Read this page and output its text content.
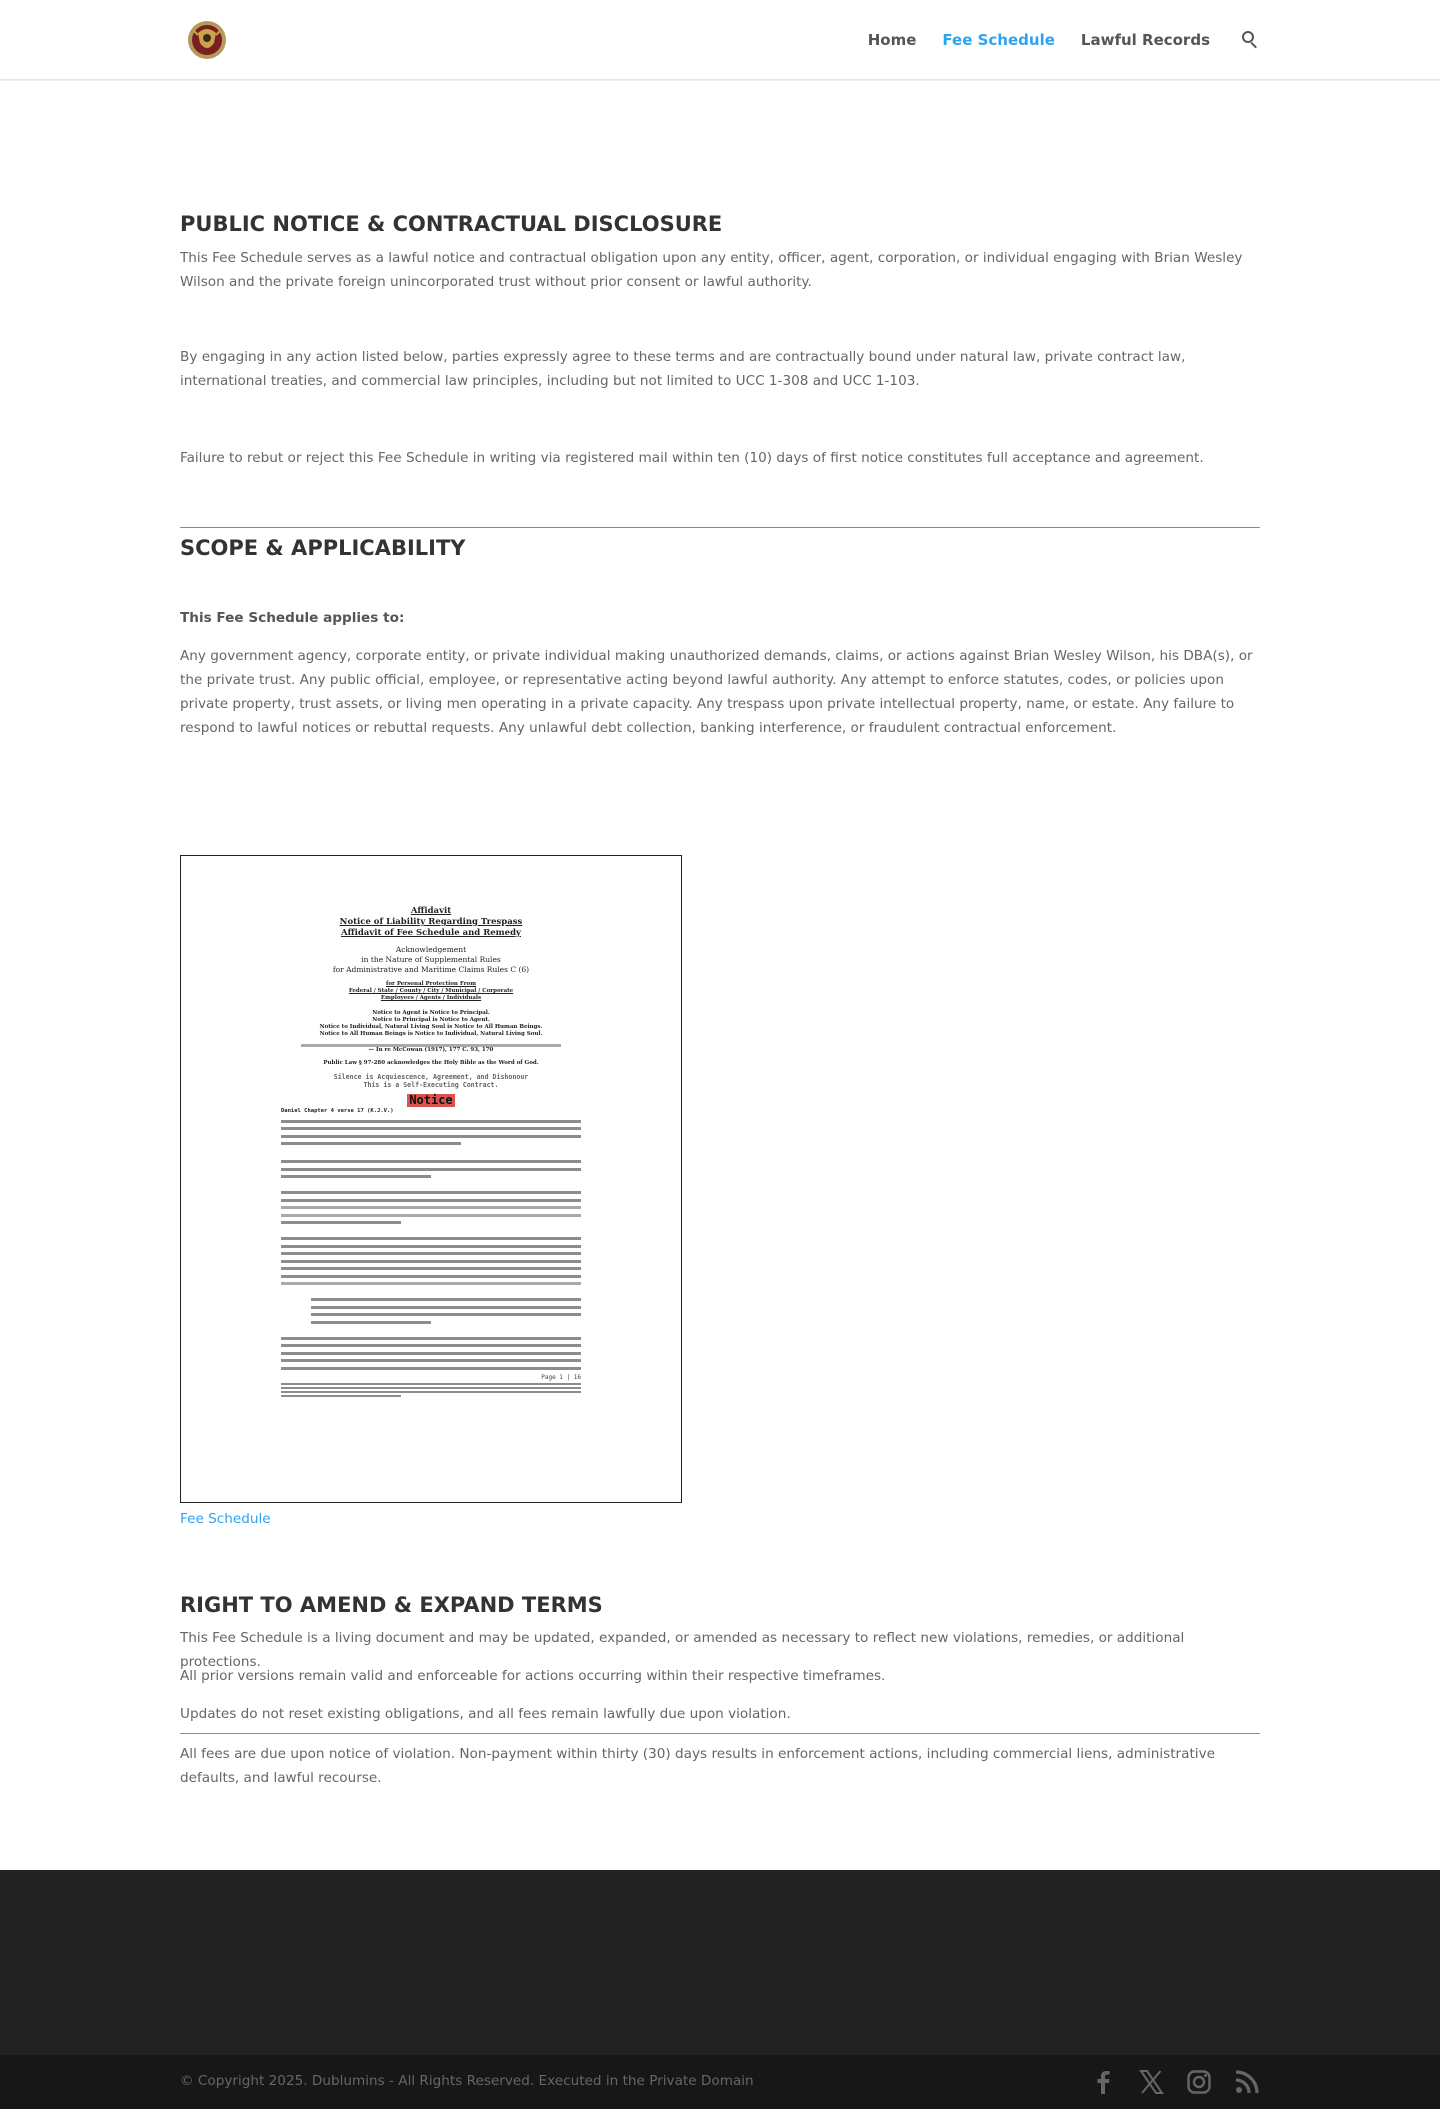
Home Fee Schedule Lawful Records
PUBLIC NOTICE & CONTRACTUAL DISCLOSURE

This Fee Schedule serves as a lawful notice and contractual obligation upon any entity, officer, agent, corporation, or individual engaging with Brian Wesley Wilson and the private foreign unincorporated trust without prior consent or lawful authority.

By engaging in any action listed below, parties expressly agree to these terms and are contractually bound under natural law, private contract law, international treaties, and commercial law principles, including but not limited to UCC 1-308 and UCC 1-103.

Failure to rebut or reject this Fee Schedule in writing via registered mail within ten (10) days of first notice constitutes full acceptance and agreement.

SCOPE & APPLICABILITY

This Fee Schedule applies to:

Any government agency, corporate entity, or private individual making unauthorized demands, claims, or actions against Brian Wesley Wilson, his DBA(s), or the private trust. Any public official, employee, or representative acting beyond lawful authority. Any attempt to enforce statutes, codes, or policies upon private property, trust assets, or living men operating in a private capacity. Any trespass upon private intellectual property, name, or estate. Any failure to respond to lawful notices or rebuttal requests. Any unlawful debt collection, banking interference, or fraudulent contractual enforcement.

Affidavit
Notice of Liability Regarding Trespass
Affidavit of Fee Schedule and Remedy
Acknowledgement
in the Nature of Supplemental Rules
for Administrative and Maritime Claims Rules C (6)
for Personal Protection From
Federal / State / County / City / Municipal / Corporate
Employees / Agents / Individuals
Notice to Agent is Notice to Principal.
Notice to Principal is Notice to Agent.
Notice to Individual, Natural Living Soul is Notice to All Human Beings.
Notice to All Human Beings is Notice to Individual, Natural Living Soul.
— In re McCowan (1917), 177 C. 93, 170
Public Law § 97-280 acknowledges the Holy Bible as the Word of God.
Silence is Acquiescence, Agreement, and Dishonour
This is a Self-Executing Contract.
Notice
Daniel Chapter 4 verse 17 (K.J.V.)
Page 1 | 16
Fee Schedule
RIGHT TO AMEND & EXPAND TERMS

This Fee Schedule is a living document and may be updated, expanded, or amended as necessary to reflect new violations, remedies, or additional protections.

All prior versions remain valid and enforceable for actions occurring within their respective timeframes.

Updates do not reset existing obligations, and all fees remain lawfully due upon violation.

All fees are due upon notice of violation. Non-payment within thirty (30) days results in enforcement actions, including commercial liens, administrative defaults, and lawful recourse.

© Copyright 2025. Dublumins - All Rights Reserved. Executed in the Private Domain
